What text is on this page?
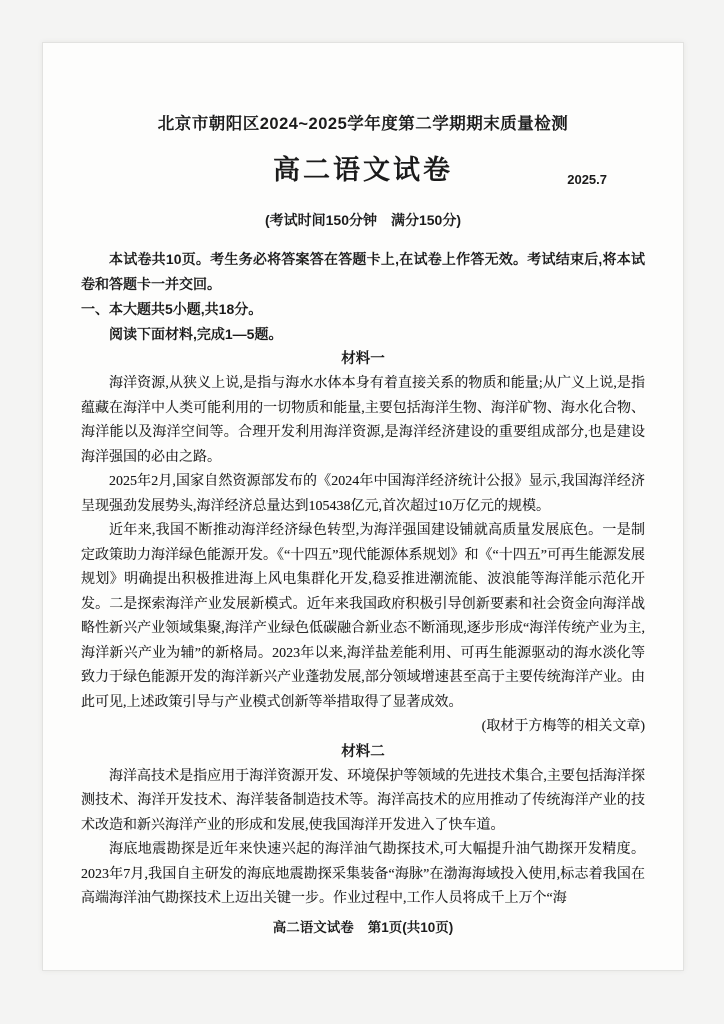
北京市朝阳区2024~2025学年度第二学期期末质量检测
高二语文试卷	2025.7
(考试时间150分钟　满分150分)

本试卷共10页。考生务必将答案答在答题卡上,在试卷上作答无效。考试结束后,将本试卷和答题卡一并交回。

一、本大题共5小题,共18分。

阅读下面材料,完成1—5题。

材料一

海洋资源,从狭义上说,是指与海水水体本身有着直接关系的物质和能量;从广义上说,是指蕴藏在海洋中人类可能利用的一切物质和能量,主要包括海洋生物、海洋矿物、海水化合物、海洋能以及海洋空间等。合理开发利用海洋资源,是海洋经济建设的重要组成部分,也是建设海洋强国的必由之路。

2025年2月,国家自然资源部发布的《2024年中国海洋经济统计公报》显示,我国海洋经济呈现强劲发展势头,海洋经济总量达到105438亿元,首次超过10万亿元的规模。

近年来,我国不断推动海洋经济绿色转型,为海洋强国建设铺就高质量发展底色。一是制定政策助力海洋绿色能源开发。《“十四五”现代能源体系规划》和《“十四五”可再生能源发展规划》明确提出积极推进海上风电集群化开发,稳妥推进潮流能、波浪能等海洋能示范化开发。二是探索海洋产业发展新模式。近年来我国政府积极引导创新要素和社会资金向海洋战略性新兴产业领域集聚,海洋产业绿色低碳融合新业态不断涌现,逐步形成“海洋传统产业为主,海洋新兴产业为辅”的新格局。2023年以来,海洋盐差能利用、可再生能源驱动的海水淡化等致力于绿色能源开发的海洋新兴产业蓬勃发展,部分领域增速甚至高于主要传统海洋产业。由此可见,上述政策引导与产业模式创新等举措取得了显著成效。

(取材于方梅等的相关文章)

材料二

海洋高技术是指应用于海洋资源开发、环境保护等领域的先进技术集合,主要包括海洋探测技术、海洋开发技术、海洋装备制造技术等。海洋高技术的应用推动了传统海洋产业的技术改造和新兴海洋产业的形成和发展,使我国海洋开发进入了快车道。

海底地震勘探是近年来快速兴起的海洋油气勘探技术,可大幅提升油气勘探开发精度。2023年7月,我国自主研发的海底地震勘探采集装备“海脉”在渤海海域投入使用,标志着我国在高端海洋油气勘探技术上迈出关键一步。作业过程中,工作人员将成千上万个“海

高二语文试卷 第1页(共10页)
